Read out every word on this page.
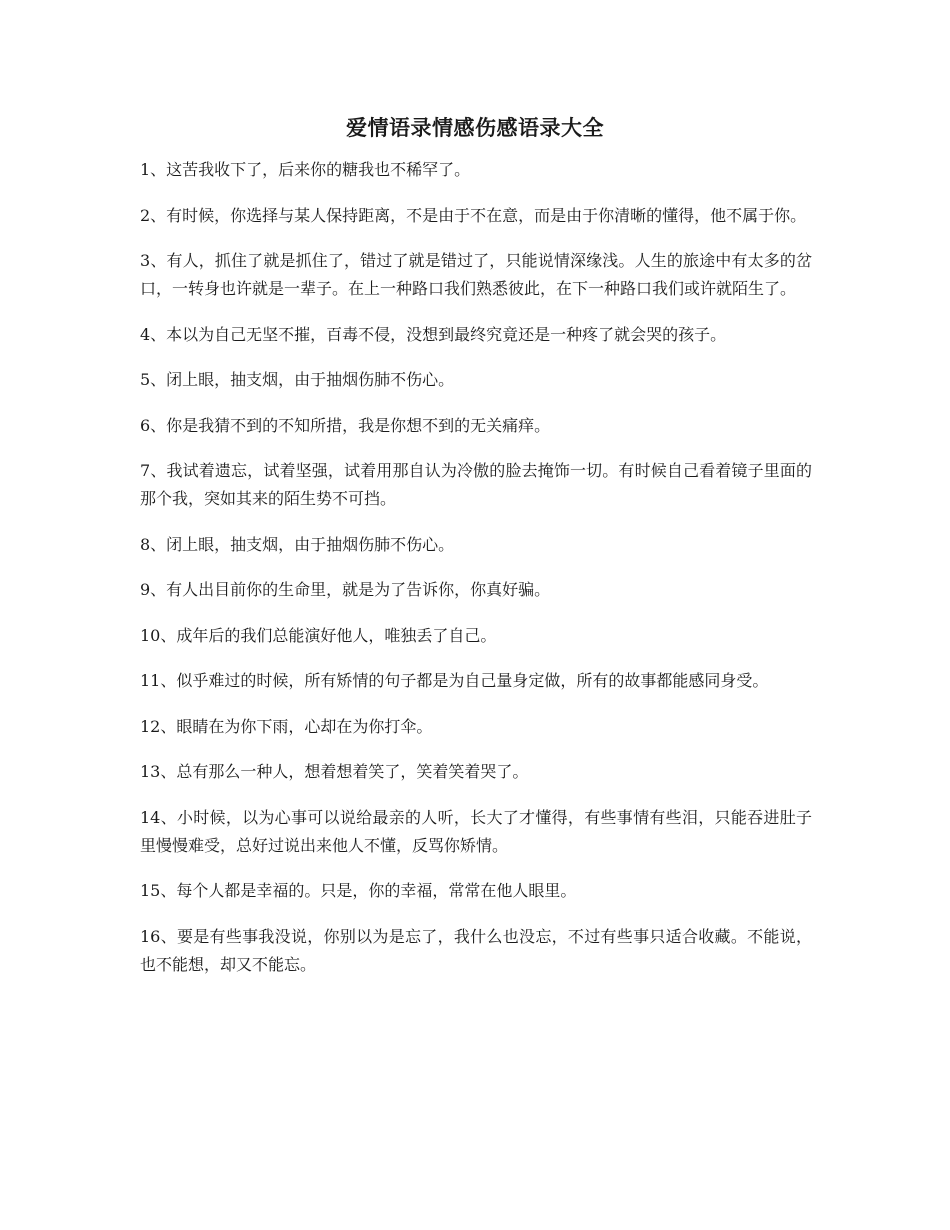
爱情语录情感伤感语录大全

1、这苦我收下了，后来你的糖我也不稀罕了。

2、有时候，你选择与某人保持距离，不是由于不在意，而是由于你清晰的懂得，他不属于你。

3、有人，抓住了就是抓住了，错过了就是错过了，只能说情深缘浅。人生的旅途中有太多的岔口，一转身也许就是一辈子。在上一种路口我们熟悉彼此，在下一种路口我们或许就陌生了。

4、本以为自己无坚不摧，百毒不侵，没想到最终究竟还是一种疼了就会哭的孩子。

5、闭上眼，抽支烟，由于抽烟伤肺不伤心。

6、你是我猜不到的不知所措，我是你想不到的无关痛痒。

7、我试着遗忘，试着坚强，试着用那自认为冷傲的脸去掩饰一切。有时候自己看着镜子里面的那个我，突如其来的陌生势不可挡。

8、闭上眼，抽支烟，由于抽烟伤肺不伤心。

9、有人出目前你的生命里，就是为了告诉你，你真好骗。

10、成年后的我们总能演好他人，唯独丢了自己。

11、似乎难过的时候，所有矫情的句子都是为自己量身定做，所有的故事都能感同身受。

12、眼睛在为你下雨，心却在为你打伞。

13、总有那么一种人，想着想着笑了，笑着笑着哭了。

14、小时候，以为心事可以说给最亲的人听，长大了才懂得，有些事情有些泪，只能吞进肚子里慢慢难受，总好过说出来他人不懂，反骂你矫情。

15、每个人都是幸福的。只是，你的幸福，常常在他人眼里。

16、要是有些事我没说，你别以为是忘了，我什么也没忘，不过有些事只适合收藏。不能说，也不能想，却又不能忘。
